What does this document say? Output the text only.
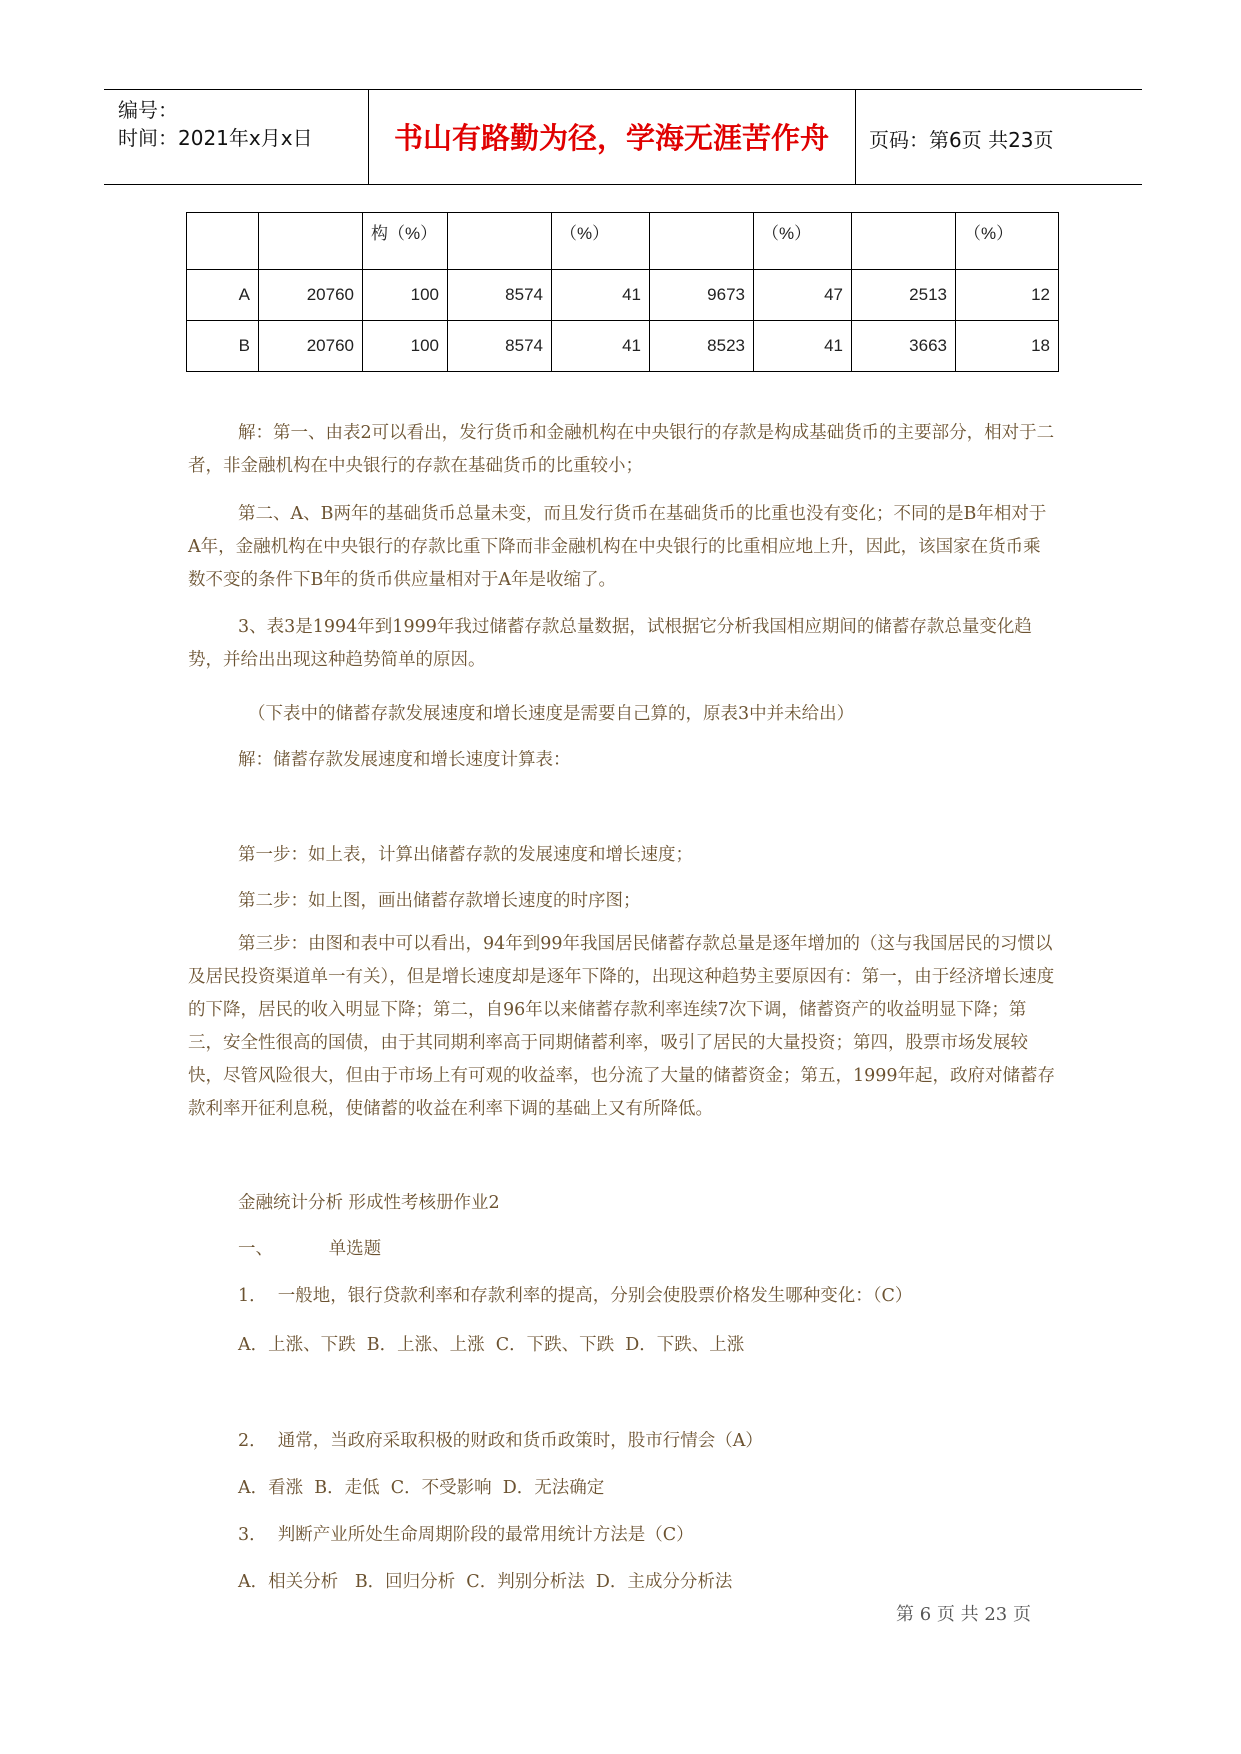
编号：
时间：2021年x月x日	书山有路勤为径，学海无涯苦作舟	页码：第6页 共23页
		构（%）		（%）		（%）		（%）
A	20760	100	8574	41	9673	47	2513	12
B	20760	100	8574	41	8523	41	3663	18
解：第一、由表2可以看出，发行货币和金融机构在中央银行的存款是构成基础货币的主要部分，相对于二者，非金融机构在中央银行的存款在基础货币的比重较小；
第二、A、B两年的基础货币总量未变，而且发行货币在基础货币的比重也没有变化；不同的是B年相对于A年，金融机构在中央银行的存款比重下降而非金融机构在中央银行的比重相应地上升，因此，该国家在货币乘数不变的条件下B年的货币供应量相对于A年是收缩了。
3、表3是1994年到1999年我过储蓄存款总量数据，试根据它分析我国相应期间的储蓄存款总量变化趋势，并给出出现这种趋势简单的原因。
（下表中的储蓄存款发展速度和增长速度是需要自己算的，原表3中并未给出）
解：储蓄存款发展速度和增长速度计算表：
第一步：如上表，计算出储蓄存款的发展速度和增长速度；
第二步：如上图，画出储蓄存款增长速度的时序图；
第三步：由图和表中可以看出，94年到99年我国居民储蓄存款总量是逐年增加的（这与我国居民的习惯以及居民投资渠道单一有关），但是增长速度却是逐年下降的，出现这种趋势主要原因有：第一，由于经济增长速度的下降，居民的收入明显下降；第二，自96年以来储蓄存款利率连续7次下调，储蓄资产的收益明显下降；第三，安全性很高的国债，由于其同期利率高于同期储蓄利率，吸引了居民的大量投资；第四，股票市场发展较快，尽管风险很大，但由于市场上有可观的收益率，也分流了大量的储蓄资金；第五，1999年起，政府对储蓄存款利率开征利息税，使储蓄的收益在利率下调的基础上又有所降低。
金融统计分析 形成性考核册作业2
一、          单选题
1．  一般地，银行贷款利率和存款利率的提高，分别会使股票价格发生哪种变化：（C）
A．上涨、下跌  B．上涨、上涨  C．下跌、下跌  D．下跌、上涨
2．  通常，当政府采取积极的财政和货币政策时，股市行情会（A）
A．看涨  B．走低  C．不受影响  D．无法确定
3．  判断产业所处生命周期阶段的最常用统计方法是（C）
A．相关分析   B．回归分析  C．判别分析法  D．主成分分析法
第 6 页 共 23 页
